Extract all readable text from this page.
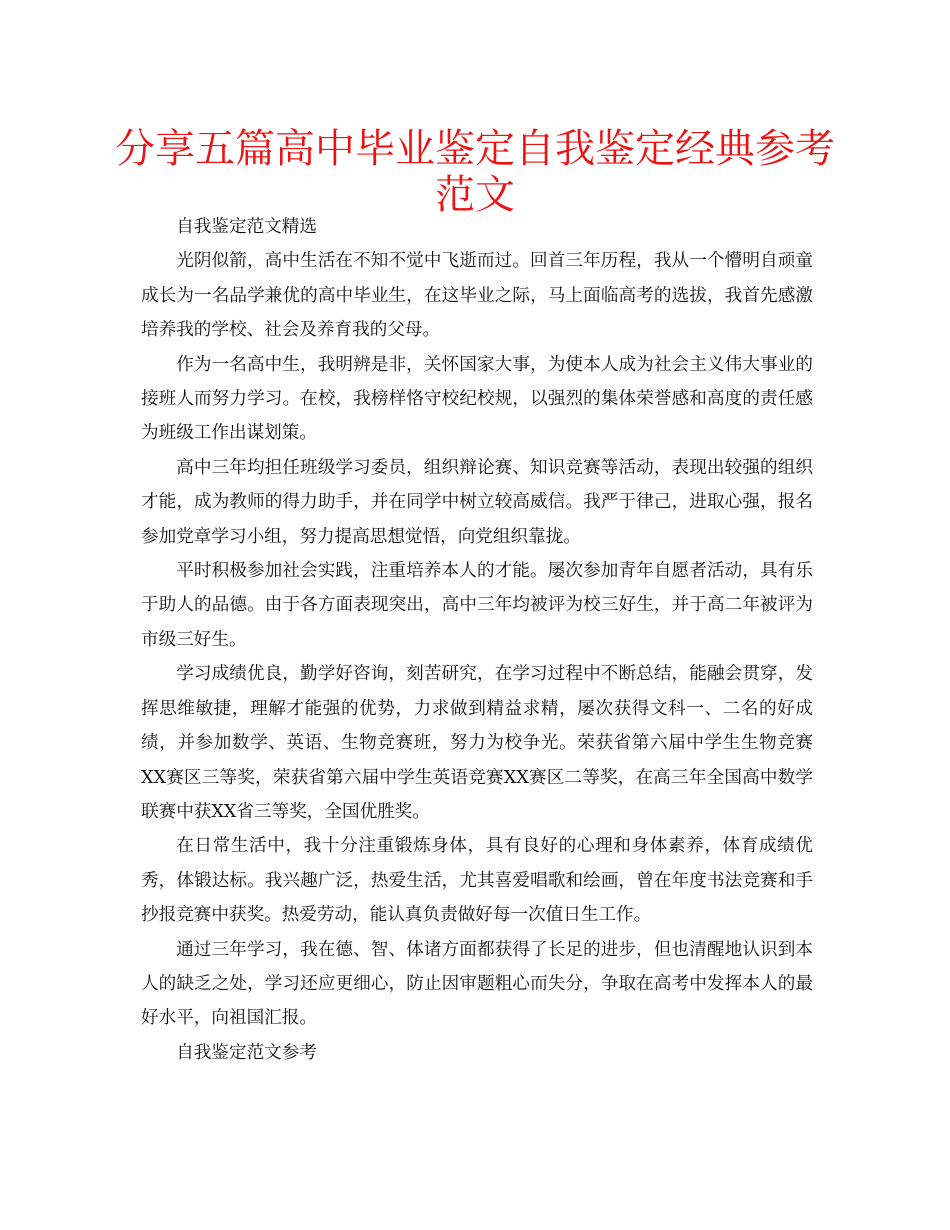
分享五篇高中毕业鉴定自我鉴定经典参考
范文

自我鉴定范文精选

光阴似箭，高中生活在不知不觉中飞逝而过。回首三年历程，我从一个懵明自顽童成长为一名品学兼优的高中毕业生，在这毕业之际，马上面临高考的选拔，我首先感激培养我的学校、社会及养育我的父母。

作为一名高中生，我明辨是非，关怀国家大事，为使本人成为社会主义伟大事业的接班人而努力学习。在校，我榜样恪守校纪校规，以强烈的集体荣誉感和高度的责任感为班级工作出谋划策。

高中三年均担任班级学习委员，组织辩论赛、知识竞赛等活动，表现出较强的组织才能，成为教师的得力助手，并在同学中树立较高威信。我严于律己，进取心强，报名参加党章学习小组，努力提高思想觉悟，向党组织靠拢。

平时积极参加社会实践，注重培养本人的才能。屡次参加青年自愿者活动，具有乐于助人的品德。由于各方面表现突出，高中三年均被评为校三好生，并于高二年被评为市级三好生。

学习成绩优良，勤学好咨询，刻苦研究，在学习过程中不断总结，能融会贯穿，发挥思维敏捷，理解才能强的优势，力求做到精益求精，屡次获得文科一、二名的好成绩，并参加数学、英语、生物竞赛班，努力为校争光。荣获省第六届中学生生物竞赛XX赛区三等奖，荣获省第六届中学生英语竞赛XX赛区二等奖，在高三年全国高中数学联赛中获XX省三等奖，全国优胜奖。

在日常生活中，我十分注重锻炼身体，具有良好的心理和身体素养，体育成绩优秀，体锻达标。我兴趣广泛，热爱生活，尤其喜爱唱歌和绘画，曾在年度书法竞赛和手抄报竞赛中获奖。热爱劳动，能认真负责做好每一次值日生工作。

通过三年学习，我在德、智、体诸方面都获得了长足的进步，但也清醒地认识到本人的缺乏之处，学习还应更细心，防止因审题粗心而失分，争取在高考中发挥本人的最好水平，向祖国汇报。

自我鉴定范文参考
